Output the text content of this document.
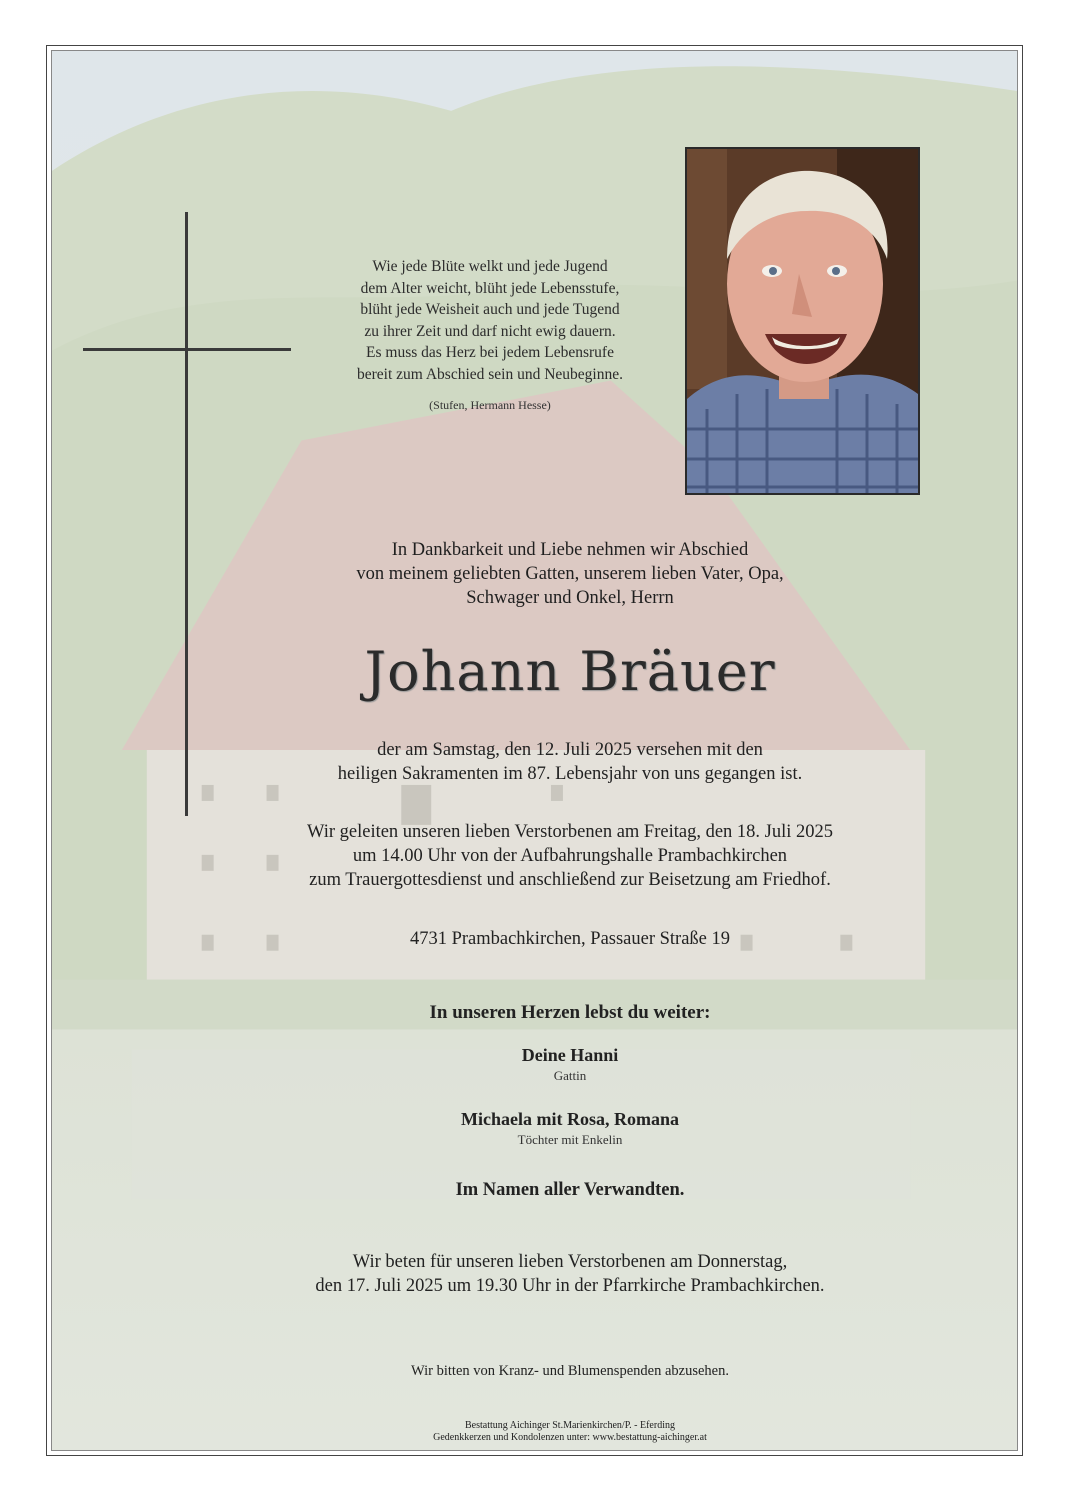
Wie jede Blüte welkt und jede Jugend
dem Alter weicht, blüht jede Lebensstufe,
blüht jede Weisheit auch und jede Tugend
zu ihrer Zeit und darf nicht ewig dauern.
Es muss das Herz bei jedem Lebensrufe
bereit zum Abschied sein und Neubeginne.
(Stufen, Hermann Hesse)
In Dankbarkeit und Liebe nehmen wir Abschied
von meinem geliebten Gatten, unserem lieben Vater, Opa,
Schwager und Onkel, Herrn
Johann Bräuer
der am Samstag, den 12. Juli 2025 versehen mit den
heiligen Sakramenten im 87. Lebensjahr von uns gegangen ist.
Wir geleiten unseren lieben Verstorbenen am Freitag, den 18. Juli 2025
um 14.00 Uhr von der Aufbahrungshalle Prambachkirchen
zum Trauergottesdienst und anschließend zur Beisetzung am Friedhof.
4731 Prambachkirchen, Passauer Straße 19
In unseren Herzen lebst du weiter:
Deine Hanni
Gattin
Michaela mit Rosa, Romana
Töchter mit Enkelin
Im Namen aller Verwandten.
Wir beten für unseren lieben Verstorbenen am Donnerstag,
den 17. Juli 2025 um 19.30 Uhr in der Pfarrkirche Prambachkirchen.
Wir bitten von Kranz- und Blumenspenden abzusehen.
Bestattung Aichinger St.Marienkirchen/P. - Eferding
Gedenkkerzen und Kondolenzen unter: www.bestattung-aichinger.at
